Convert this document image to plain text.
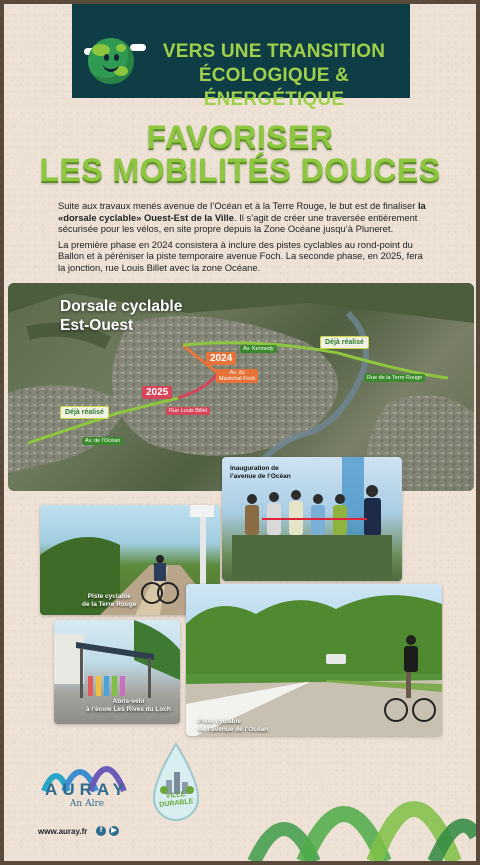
VERS UNE TRANSITION
ÉCOLOGIQUE & ÉNERGÉTIQUE
FAVORISER
LES MOBILITÉS DOUCES

Suite aux travaux menés avenue de l’Océan et à la Terre Rouge, le but est de finaliser la «dorsale cyclable» Ouest-Est de la Ville. Il s’agit de créer une traversée entièrement sécurisée pour les vélos, en site propre depuis la Zone Océane jusqu’à Pluneret.

La première phase en 2024 consistera à inclure des pistes cyclables au rond-point du Ballon et à péréniser la piste temporaire avenue Foch. La seconde phase, en 2025, fera la jonction, rue Louis Billet avec la zone Océane.

Dorsale cyclable
Est-Ouest
Déjà réalisé
Déjà réalisé
2024
2025
Av. Kennedy
Rue de la Terre Rouge
Av. du
Maréchal Foch
Rue Louis Billet
Av. de l’Océan
Inauguration de
l’avenue de l’Océan
Piste cyclable
de la Terre Rouge
Abris-vélo
à l’école Les Rives du Loch
Piste cyclable
de l’avenue de l’Océan
AURAY
An Alre
www.auray.fr	f	▶
VILLE
DURABLE
